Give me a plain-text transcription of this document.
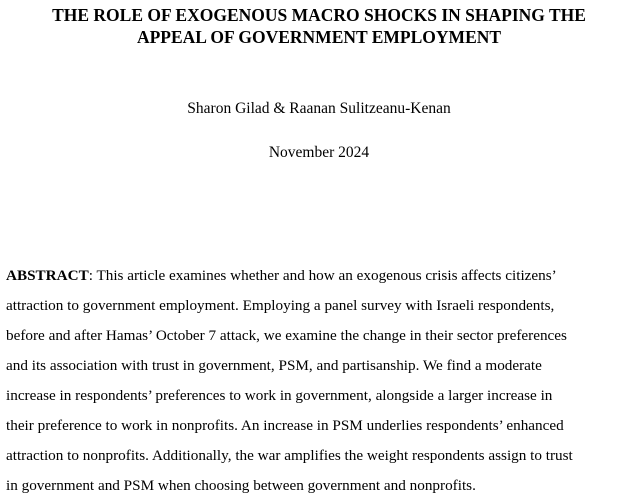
THE ROLE OF EXOGENOUS MACRO SHOCKS IN SHAPING THE
APPEAL OF GOVERNMENT EMPLOYMENT

Sharon Gilad & Raanan Sulitzeanu-Kenan

November 2024

ABSTRACT: This article examines whether and how an exogenous crisis affects citizens’
attraction to government employment. Employing a panel survey with Israeli respondents,
before and after Hamas’ October 7 attack, we examine the change in their sector preferences
and its association with trust in government, PSM, and partisanship. We find a moderate
increase in respondents’ preferences to work in government, alongside a larger increase in
their preference to work in nonprofits. An increase in PSM underlies respondents’ enhanced
attraction to nonprofits. Additionally, the war amplifies the weight respondents assign to trust
in government and PSM when choosing between government and nonprofits.
